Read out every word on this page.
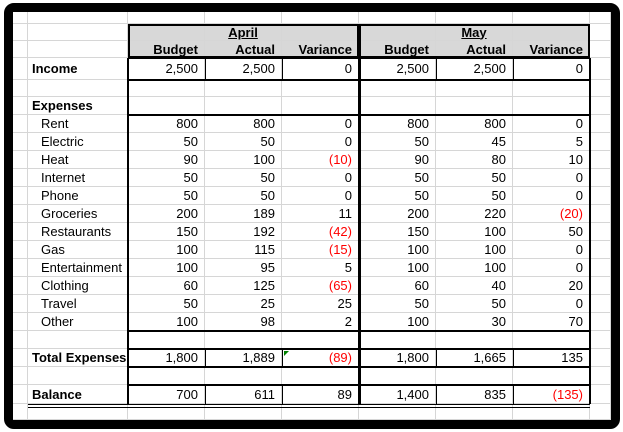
April	May
Budget	Actual	Variance	Budget	Actual	Variance
Income	2,500	2,500	0	2,500	2,500	0
Expenses
Rent	800	800	0	800	800	0
Electric	50	50	0	50	45	5
Heat	90	100	(10)	90	80	10
Internet	50	50	0	50	50	0
Phone	50	50	0	50	50	0
Groceries	200	189	11	200	220	(20)
Restaurants	150	192	(42)	150	100	50
Gas	100	115	(15)	100	100	0
Entertainment	100	95	5	100	100	0
Clothing	60	125	(65)	60	40	20
Travel	50	25	25	50	50	0
Other	100	98	2	100	30	70
Total Expenses	1,800	1,889	(89)	1,800	1,665	135
Balance	700	611	89	1,400	835	(135)
